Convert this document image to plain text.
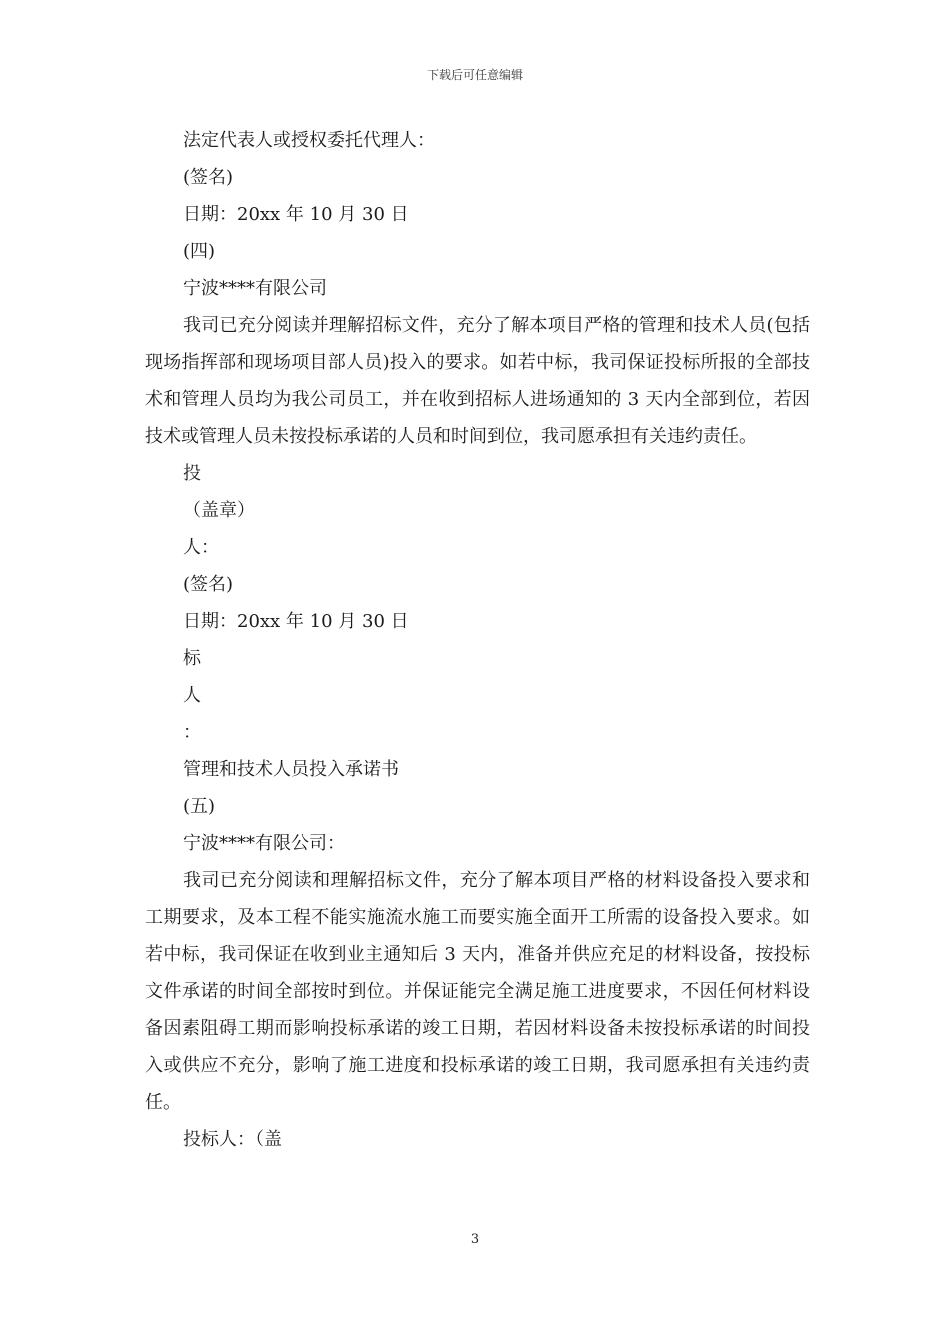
下载后可任意编辑

法定代表人或授权委托代理人：

(签名)

日期：20xx 年 10 月 30 日

(四)

宁波****有限公司

我司已充分阅读并理解招标文件，充分了解本项目严格的管理和技术人员(包括现场指挥部和现场项目部人员)投入的要求。如若中标，我司保证投标所报的全部技术和管理人员均为我公司员工，并在收到招标人进场通知的 3 天内全部到位，若因技术或管理人员未按投标承诺的人员和时间到位，我司愿承担有关违约责任。

投

（盖章）

人：

(签名)

日期：20xx 年 10 月 30 日

标

人

：

管理和技术人员投入承诺书

(五)

宁波****有限公司：

我司已充分阅读和理解招标文件，充分了解本项目严格的材料设备投入要求和工期要求，及本工程不能实施流水施工而要实施全面开工所需的设备投入要求。如若中标，我司保证在收到业主通知后 3 天内，准备并供应充足的材料设备，按投标文件承诺的时间全部按时到位。并保证能完全满足施工进度要求，不因任何材料设备因素阻碍工期而影响投标承诺的竣工日期，若因材料设备未按投标承诺的时间投入或供应不充分，影响了施工进度和投标承诺的竣工日期，我司愿承担有关违约责任。

投标人：（盖

3
